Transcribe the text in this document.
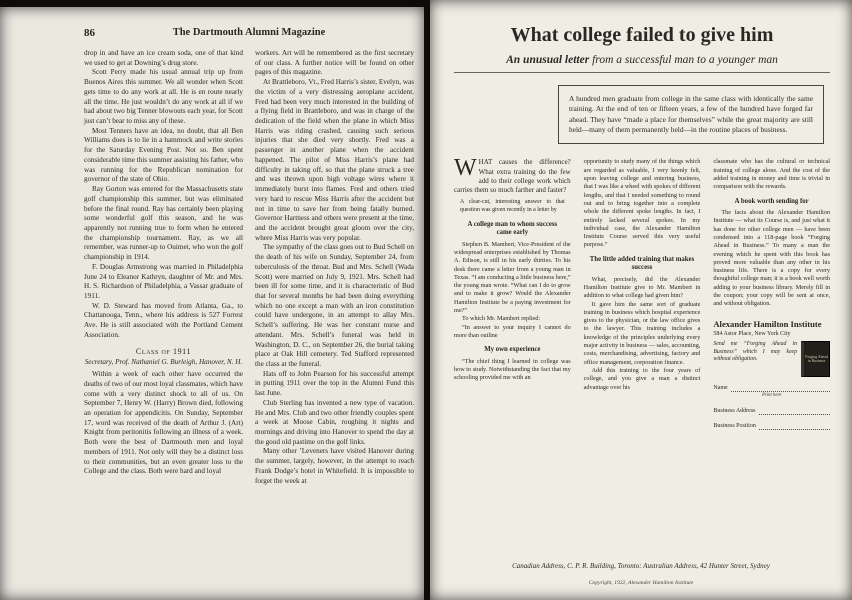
86	The Dartmouth Alumni Magazine

drop in and have an ice cream soda, one of that kind we used to get at Downing’s drug store.

Scott Perry made his usual annual trip up from Buenos Aires this summer. We all wonder when Scott gets time to do any work at all. He is en route nearly all the time. He just wouldn’t do any work at all if we had about two big Tenner blowouts each year, for Scott just can’t bear to miss any of these.

Most Tenners have an idea, no doubt, that all Ben Williams does is to lie in a hammock and write stories for the Saturday Evening Post. Not so. Ben spent considerable time this summer assisting his father, who was running for the Republican nomination for governor of the state of Ohio.

Ray Gorton was entered for the Massachusetts state golf championship this summer, but was eliminated before the final round. Ray has certainly been playing some wonderful golf this season, and he was apparently not running true to form when he entered the championship tournament. Ray, as we all remember, was runner-up to Ouimet, who won the golf championship in 1914.

F. Douglas Armstrong was married in Philadelphia June 24 to Eleanor Kathryn, daughter of Mr. and Mrs. H. S. Richardson of Philadelphia, a Vassar graduate of 1911.

W. D. Steward has moved from Atlanta, Ga., to Chattanooga, Tenn., where his address is 527 Forrest Ave. He is still associated with the Portland Cement Association.

Class of 1911
Secretary, Prof. Nathaniel G. Burleigh, Hanover, N. H.

Within a week of each other have occurred the deaths of two of our most loyal classmates, which have come with a very distinct shock to all of us. On September 7, Henry W. (Harry) Brown died, following an operation for appendicitis. On Sunday, September 17, word was received of the death of Arthur J. (Art) Knight from peritonitis following an illness of a week. Both were the best of Dartmouth men and loyal members of 1911. Not only will they be a distinct loss to their communities, but an even greater loss to the College and the class. Both were hard and loyal

workers. Art will be remembered as the first secretary of our class. A further notice will be found on other pages of this magazine.

At Brattleboro, Vt., Fred Harris’s sister, Evelyn, was the victim of a very distressing aeroplane accident. Fred had been very much interested in the building of a flying field in Brattleboro, and was in charge of the dedication of the field when the plane in which Miss Harris was riding crashed, causing such serious injuries that she died very shortly. Fred was a passenger in another plane when the accident happened. The pilot of Miss Harris’s plane had difficulty in taking off, so that the plane struck a tree and was thrown upon high voltage wires where it immediately burst into flames. Fred and others tried very hard to rescue Miss Harris after the accident but not in time to save her from being fatally burned. Governor Hartness and others were present at the time, and the accident brought great gloom over the city, where Miss Harris was very popular.

The sympathy of the class goes out to Bud Schell on the death of his wife on Sunday, September 24, from tuberculosis of the throat. Bud and Mrs. Schell (Wada Scott) were married on July 9, 1921. Mrs. Schell had been ill for some time, and it is characteristic of Bud that for several months he had been doing everything which no one except a man with an iron constitution could have undergone, in an attempt to allay Mrs. Schell’s suffering. He was her constant nurse and attendant. Mrs. Schell’s funeral was held in Washington, D. C., on September 26, the burial taking place at Oak Hill cemetery. Ted Stafford represented the class at the funeral.

Hats off to John Pearson for his successful attempt in putting 1911 over the top in the Alumni Fund this last June.

Club Sterling has invented a new type of vacation. He and Mrs. Club and two other friendly couples spent a week at Moose Cabin, roughing it nights and mornings and driving into Hanover to spend the day at the good old pastime on the golf links.

Many other ’Leveners have visited Hanover during the summer, largely, however, in the attempt to reach Frank Dodge’s hotel in Whitefield. It is impossible to forget the week at

What college failed to give him

An unusual letter from a successful man to a younger man

A hundred men graduate from college in the same class with identically the same training. At the end of ten or fifteen years, a few of the hundred have forged far ahead. They have “made a place for themselves” while the great majority are still held—many of them permanently held—in the routine places of business.

WHAT causes the difference? What extra training do the few add to their college work which carries them so much farther and faster?

A clear-cut, interesting answer to that question was given recently in a letter by

A college man to whom success came early

Stephen B. Mambert, Vice-President of the widespread enterprises established by Thomas A. Edison, is still in his early thirties. To his desk there came a letter from a young man in Texas. “I am conducting a little business here,” the young man wrote. “What can I do to grow and to make it grow? Would the Alexander Hamilton Institute be a paying investment for me?”

To which Mr. Mambert replied:

“In answer to your inquiry I cannot do more than outline

My own experience

“The chief thing I learned in college was how to study. Notwithstanding the fact that my schooling provided me with an

opportunity to study many of the things which are regarded as valuable, I very keenly felt, upon leaving college and entering business, that I was like a wheel with spokes of different lengths, and that I needed something to round out and to bring together into a complete whole the different spoke lengths. In fact, I entirely lacked several spokes. In my individual case, the Alexander Hamilton Institute Course served this very useful purpose.”

The little added training that makes success

What, precisely, did the Alexander Hamilton Institute give to Mr. Mambert in addition to what college had given him?

It gave him the same sort of graduate training in business which hospital experience gives to the physician, or the law office gives to the lawyer. This training includes a knowledge of the principles underlying every major activity in business — sales, accounting, costs, merchandising, advertising, factory and office management, corporation finance.

Add this training to the four years of college, and you give a man a distinct advantage over his

classmate who has the cultural or technical training of college alone. And the cost of the added training in money and time is trivial in comparison with the rewards.

A book worth sending for

The facts about the Alexander Hamilton Institute — what its Course is, and just what it has done for other college men — have been condensed into a 118-page book “Forging Ahead in Business.” To many a man the evening which he spent with this book has proved more valuable than any other in his business life. There is a copy for every thoughtful college man; it is a book well worth adding to your business library. Merely fill in the coupon; your copy will be sent at once, and without obligation.

Alexander Hamilton Institute

584 Astor Place, New York City

Send me “Forging Ahead in Business” which I may keep without obligation.	Forging Ahead in Business
Name
Print here
Business Address
Business Position
Canadian Address, C. P. R. Building, Toronto: Australian Address, 42 Hunter Street, Sydney
Copyright, 1922, Alexander Hamilton Institute
